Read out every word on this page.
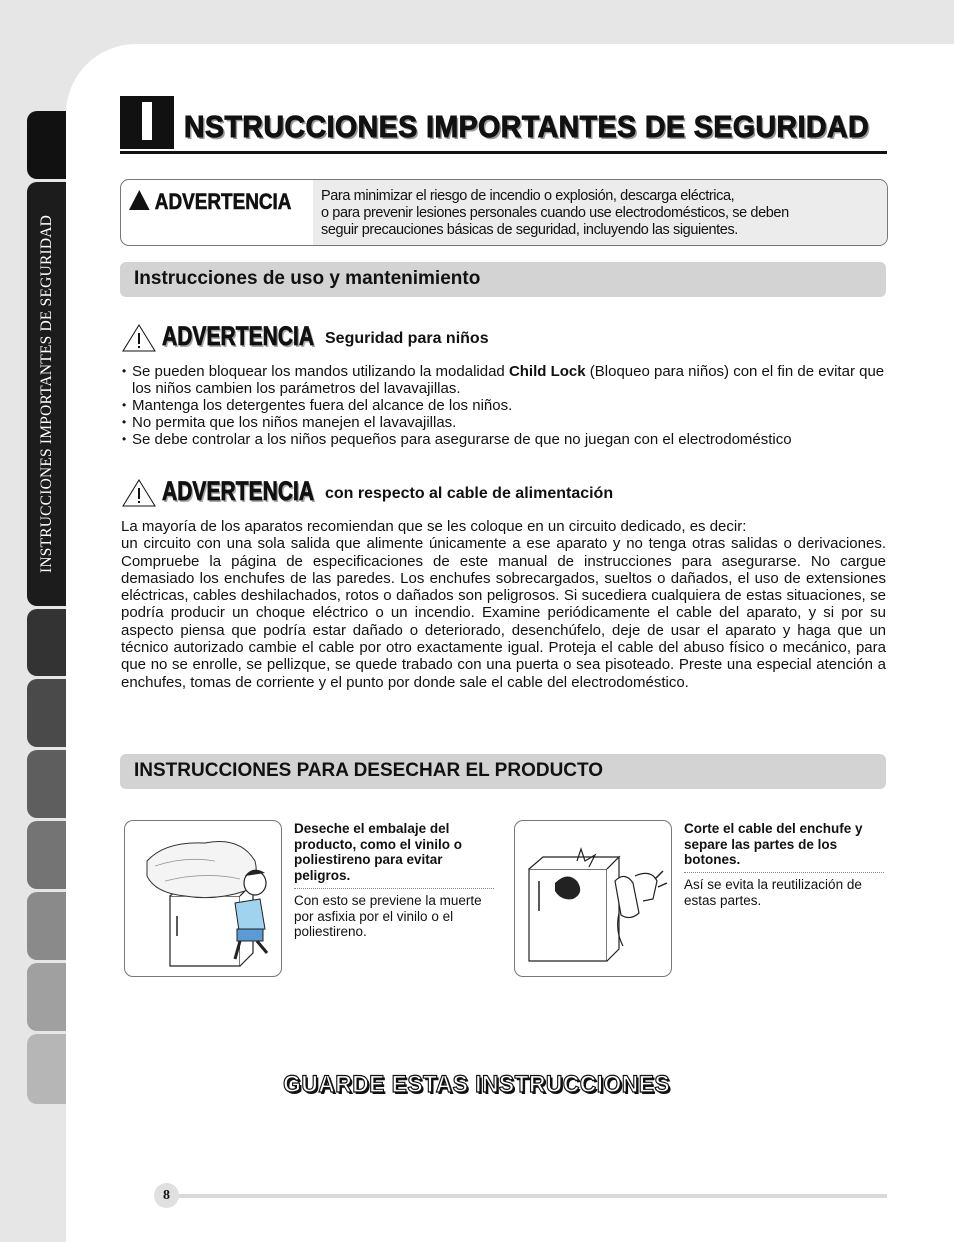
INSTRUCCIONES IMPORTANTES DE SEGURIDAD
NSTRUCCIONES IMPORTANTES DE SEGURIDAD
ADVERTENCIA Para minimizar el riesgo de incendio o explosión, descarga eléctrica,
o para prevenir lesiones personales cuando use electrodomésticos, se deben
seguir precauciones básicas de seguridad, incluyendo las siguientes.
Instrucciones de uso y mantenimiento
ADVERTENCIA Seguridad para niños
• Se pueden bloquear los mandos utilizando la modalidad Child Lock (Bloqueo para niños) con el fin de evitar que los niños cambien los parámetros del lavavajillas.
• Mantenga los detergentes fuera del alcance de los niños.
• No permita que los niños manejen el lavavajillas.
• Se debe controlar a los niños pequeños para asegurarse de que no juegan con el electrodoméstico
ADVERTENCIA con respecto al cable de alimentación
La mayoría de los aparatos recomiendan que se les coloque en un circuito dedicado, es decir:
un circuito con una sola salida que alimente únicamente a ese aparato y no tenga otras salidas o derivaciones. Compruebe la página de especificaciones de este manual de instrucciones para asegurarse. No cargue demasiado los enchufes de las paredes. Los enchufes sobrecargados, sueltos o dañados, el uso de extensiones eléctricas, cables deshilachados, rotos o dañados son peligrosos. Si sucediera cualquiera de estas situaciones, se podría producir un choque eléctrico o un incendio. Examine periódicamente el cable del aparato, y si por su aspecto piensa que podría estar dañado o deteriorado, desenchúfelo, deje de usar el aparato y haga que un técnico autorizado cambie el cable por otro exactamente igual. Proteja el cable del abuso físico o mecánico, para que no se enrolle, se pellizque, se quede trabado con una puerta o sea pisoteado. Preste una especial atención a enchufes, tomas de corriente y el punto por donde sale el cable del electrodoméstico.
INSTRUCCIONES PARA DESECHAR EL PRODUCTO
Deseche el embalaje del producto, como el vinilo o poliestireno para evitar peligros.
Con esto se previene la muerte por asfixia por el vinilo o el poliestireno.
Corte el cable del enchufe y separe las partes de los botones.
Así se evita la reutilización de estas partes.
GUARDE ESTAS INSTRUCCIONES
8
